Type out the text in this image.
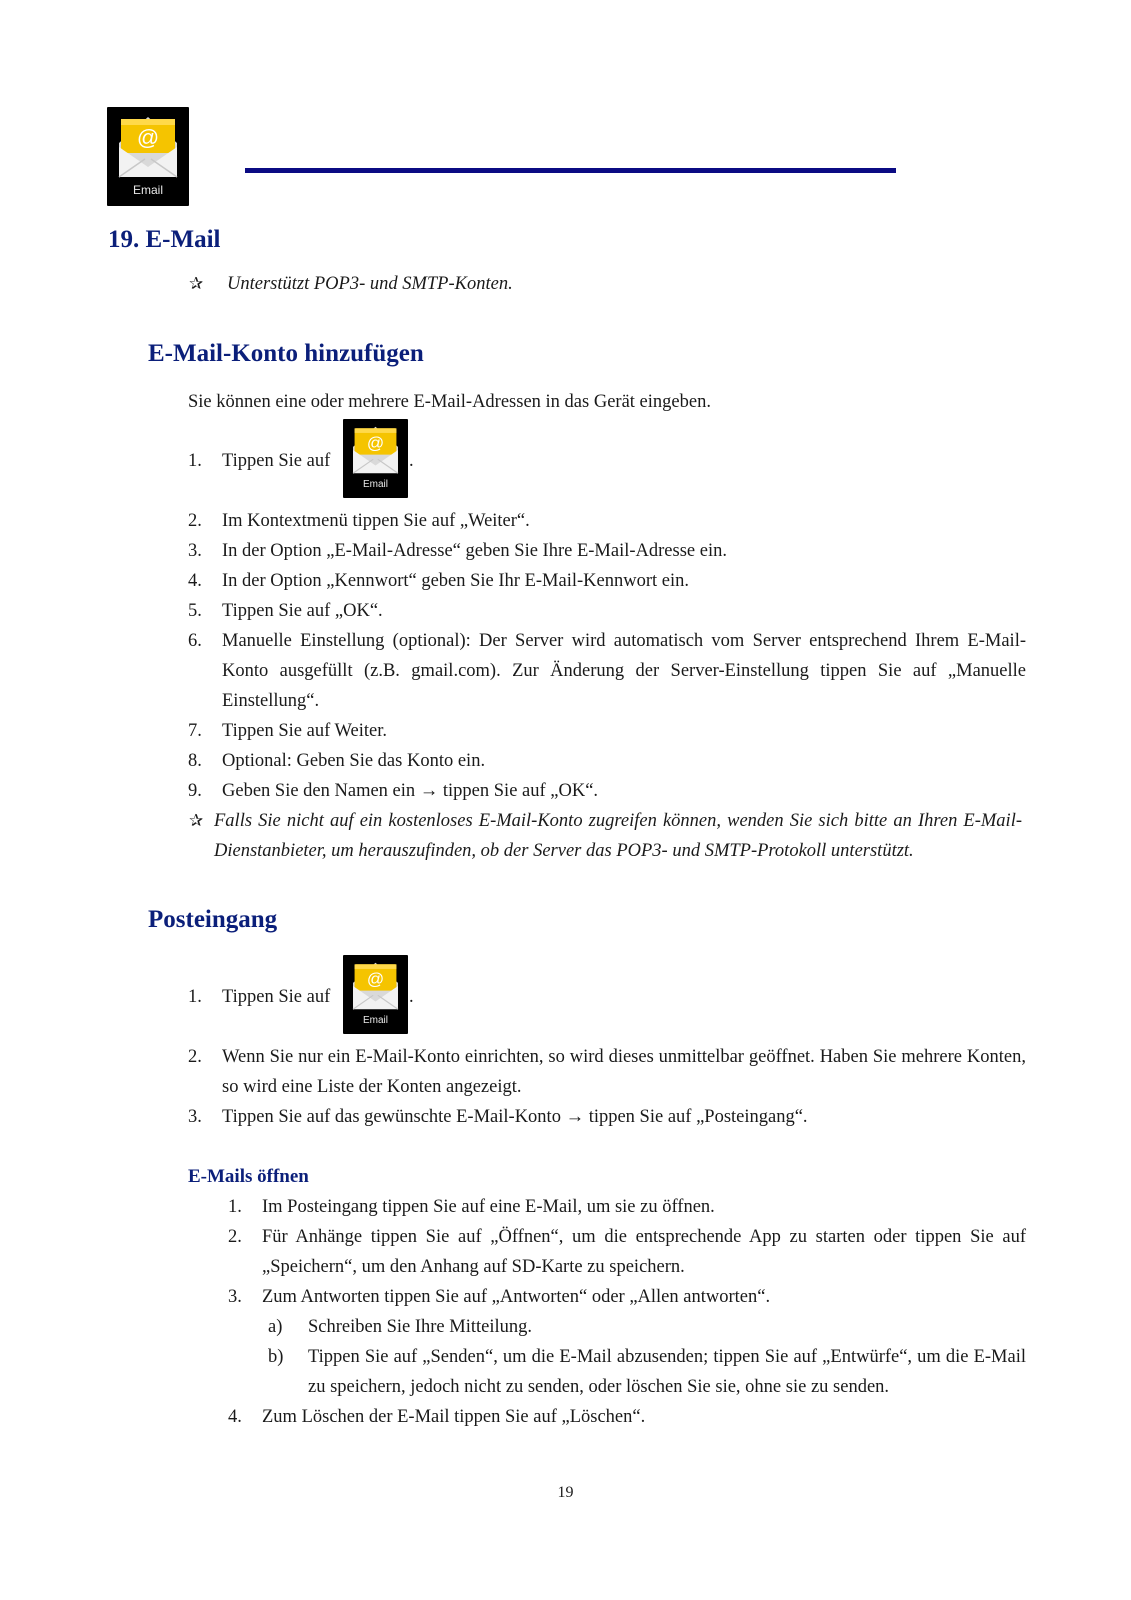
@
Email
19. E-Mail
✰ Unterstützt POP3- und SMTP-Konten.
E-Mail-Konto hinzufügen
Sie können eine oder mehrere E-Mail-Adressen in das Gerät eingeben.
1. Tippen Sie auf
@
Email
.
2. Im Kontextmenü tippen Sie auf „Weiter“.
3. In der Option „E-Mail-Adresse“ geben Sie Ihre E-Mail-Adresse ein.
4. In der Option „Kennwort“ geben Sie Ihr E-Mail-Kennwort ein.
5. Tippen Sie auf „OK“.
6. Manuelle Einstellung (optional): Der Server wird automatisch vom Server entsprechend Ihrem E-Mail-Konto ausgefüllt (z.B. gmail.com). Zur Änderung der Server-Einstellung tippen Sie auf „Manuelle Einstellung“.
7. Tippen Sie auf Weiter.
8. Optional: Geben Sie das Konto ein.
9. Geben Sie den Namen ein → tippen Sie auf „OK“.
✰ Falls Sie nicht auf ein kostenloses E-Mail-Konto zugreifen können, wenden Sie sich bitte an Ihren E-Mail-Dienstanbieter, um herauszufinden, ob der Server das POP3- und SMTP-Protokoll unterstützt.
Posteingang
1. Tippen Sie auf
@
Email
.
2. Wenn Sie nur ein E-Mail-Konto einrichten, so wird dieses unmittelbar geöffnet. Haben Sie mehrere Konten, so wird eine Liste der Konten angezeigt.
3. Tippen Sie auf das gewünschte E-Mail-Konto → tippen Sie auf „Posteingang“.
E-Mails öffnen
1. Im Posteingang tippen Sie auf eine E-Mail, um sie zu öffnen.
2. Für Anhänge tippen Sie auf „Öffnen“, um die entsprechende App zu starten oder tippen Sie auf „Speichern“, um den Anhang auf SD-Karte zu speichern.
3. Zum Antworten tippen Sie auf „Antworten“ oder „Allen antworten“.
a) Schreiben Sie Ihre Mitteilung.
b) Tippen Sie auf „Senden“, um die E-Mail abzusenden; tippen Sie auf „Entwürfe“, um die E-Mail zu speichern, jedoch nicht zu senden, oder löschen Sie sie, ohne sie zu senden.
4. Zum Löschen der E-Mail tippen Sie auf „Löschen“.
19
